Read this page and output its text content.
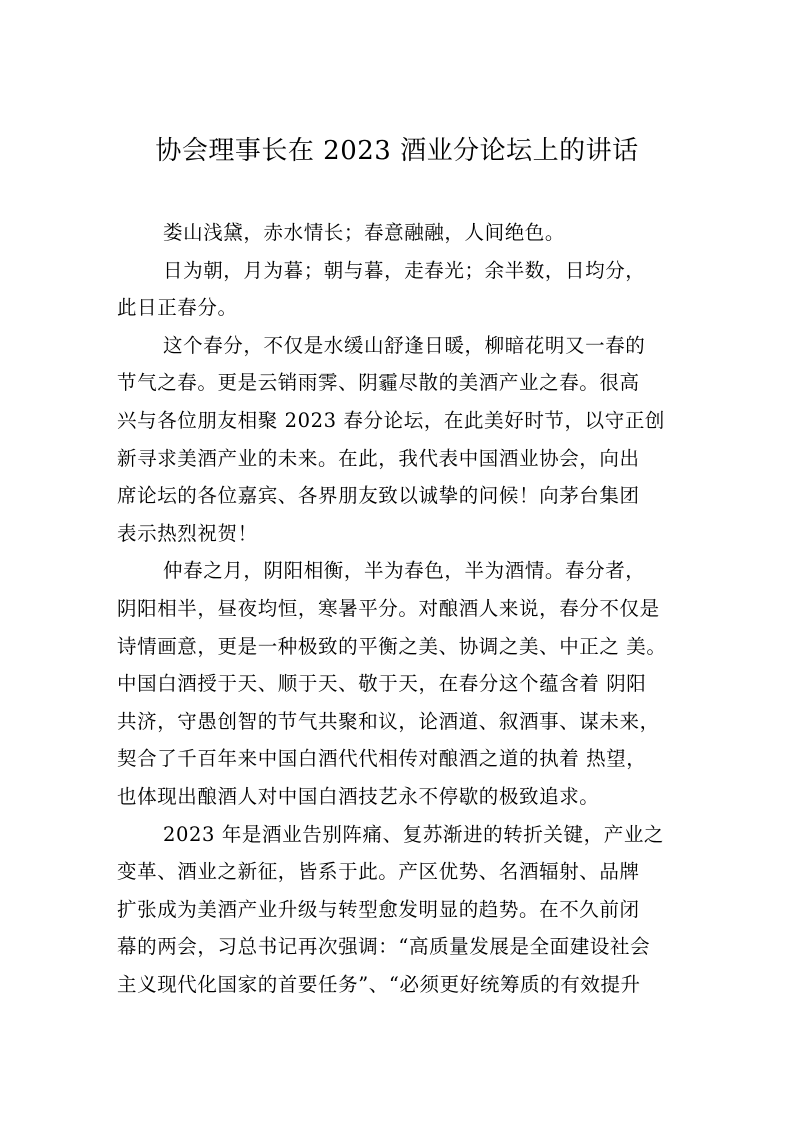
协会理事长在 2023 酒业分论坛上的讲话
娄山浅黛，赤水情长；春意融融，人间绝色。
日为朝，月为暮；朝与暮，走春光；余半数，日均分，
此日正春分。
这个春分，不仅是水缓山舒逢日暖，柳暗花明又一春的
节气之春。更是云销雨霁、阴霾尽散的美酒产业之春。很高
兴与各位朋友相聚 2023 春分论坛，在此美好时节，以守正创
新寻求美酒产业的未来。在此，我代表中国酒业协会，向出
席论坛的各位嘉宾、各界朋友致以诚挚的问候！向茅台集团
表示热烈祝贺！
仲春之月，阴阳相衡，半为春色，半为酒情。春分者，
阴阳相半，昼夜均恒，寒暑平分。对酿酒人来说，春分不仅是
诗情画意，更是一种极致的平衡之美、协调之美、中正之 美。
中国白酒授于天、顺于天、敬于天，在春分这个蕴含着 阴阳
共济，守愚创智的节气共聚和议，论酒道、叙酒事、谋未来，
契合了千百年来中国白酒代代相传对酿酒之道的执着 热望，
也体现出酿酒人对中国白酒技艺永不停歇的极致追求。
2023 年是酒业告别阵痛、复苏渐进的转折关键，产业之
变革、酒业之新征，皆系于此。产区优势、名酒辐射、品牌
扩张成为美酒产业升级与转型愈发明显的趋势。在不久前闭
幕的两会，习总书记再次强调：“高质量发展是全面建设社会
主义现代化国家的首要任务”、“必须更好统筹质的有效提升
